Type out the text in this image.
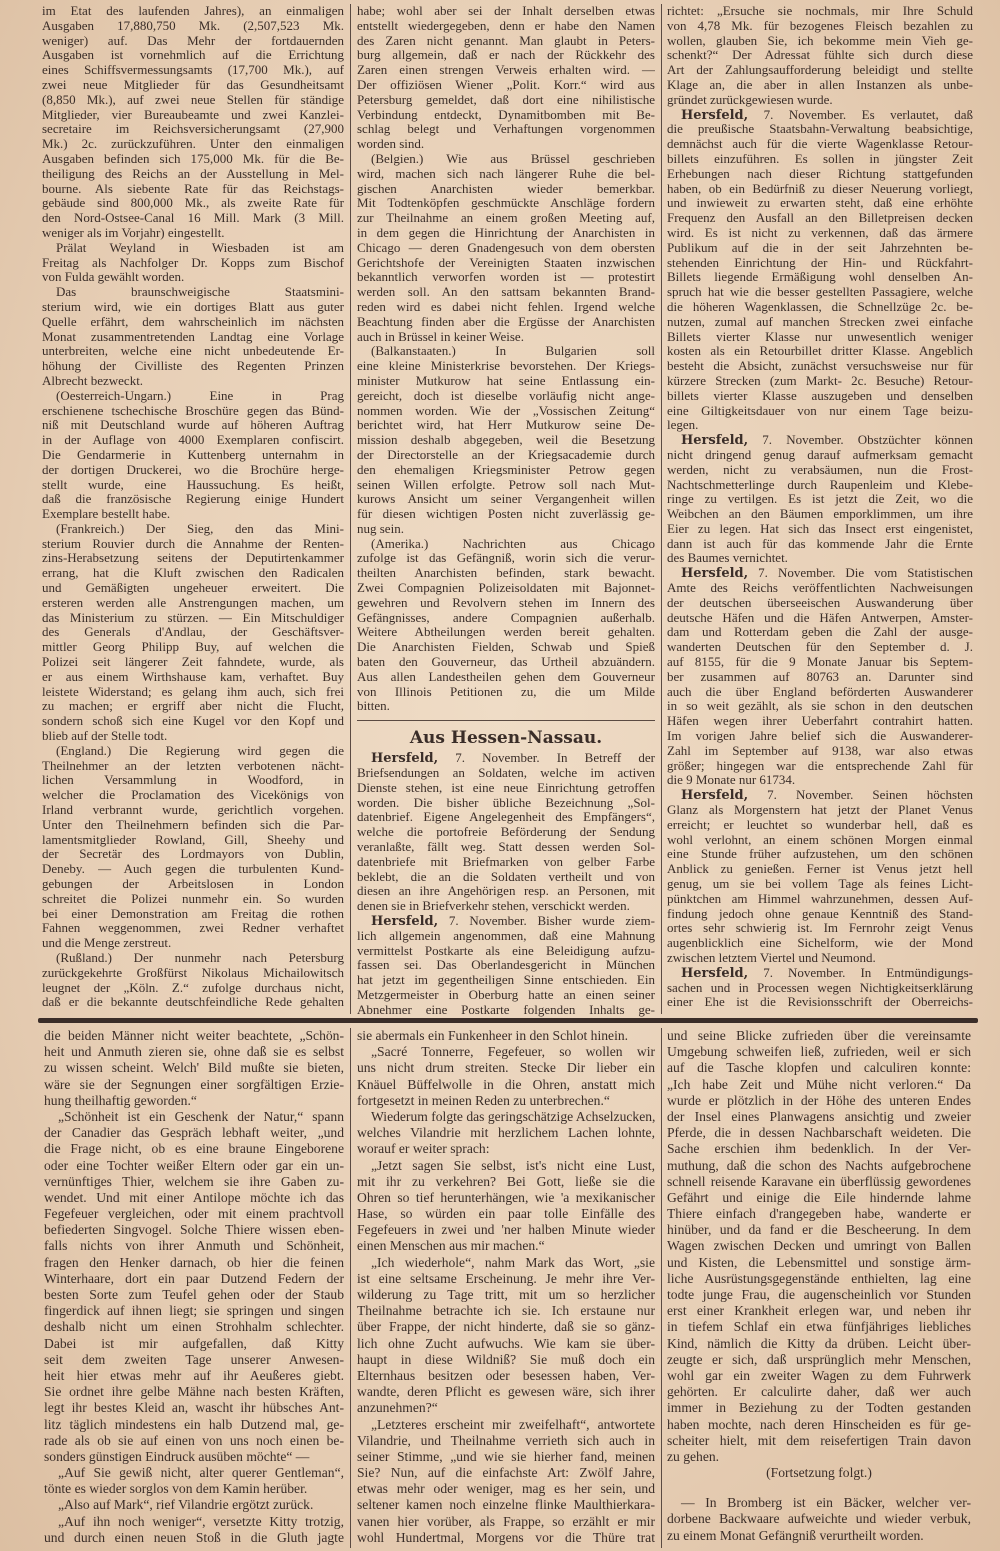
im Etat des laufenden Jahres), an einmaligen
Ausgaben 17,880,750 Mk. (2,507,523 Mk.
weniger) auf. Das Mehr der fortdauernden
Ausgaben ist vornehmlich auf die Errichtung
eines Schiffsvermessungsamts (17,700 Mk.), auf
zwei neue Mitglieder für das Gesundheitsamt
(8,850 Mk.), auf zwei neue Stellen für ständige
Mitglieder, vier Bureaubeamte und zwei Kanzlei-
secretaire im Reichsversicherungsamt (27,900
Mk.) 2c. zurückzuführen. Unter den einmaligen
Ausgaben befinden sich 175,000 Mk. für die Be-
theiligung des Reichs an der Ausstellung in Mel-
bourne. Als siebente Rate für das Reichstags-
gebäude sind 800,000 Mk., als zweite Rate für
den Nord-Ostsee-Canal 16 Mill. Mark (3 Mill.
weniger als im Vorjahr) eingestellt.
Prälat Weyland in Wiesbaden ist am
Freitag als Nachfolger Dr. Kopps zum Bischof
von Fulda gewählt worden.
Das braunschweigische Staatsmini-
sterium wird, wie ein dortiges Blatt aus guter
Quelle erfährt, dem wahrscheinlich im nächsten
Monat zusammentretenden Landtag eine Vorlage
unterbreiten, welche eine nicht unbedeutende Er-
höhung der Civilliste des Regenten Prinzen
Albrecht bezweckt.
(Oesterreich-Ungarn.) Eine in Prag
erschienene tschechische Broschüre gegen das Bünd-
niß mit Deutschland wurde auf höheren Auftrag
in der Auflage von 4000 Exemplaren confiscirt.
Die Gendarmerie in Kuttenberg unternahm in
der dortigen Druckerei, wo die Brochüre herge-
stellt wurde, eine Haussuchung. Es heißt,
daß die französische Regierung einige Hundert
Exemplare bestellt habe.
(Frankreich.) Der Sieg, den das Mini-
sterium Rouvier durch die Annahme der Renten-
zins-Herabsetzung seitens der Deputirtenkammer
errang, hat die Kluft zwischen den Radicalen
und Gemäßigten ungeheuer erweitert. Die
ersteren werden alle Anstrengungen machen, um
das Ministerium zu stürzen. — Ein Mitschuldiger
des Generals d'Andlau, der Geschäftsver-
mittler Georg Philipp Buy, auf welchen die
Polizei seit längerer Zeit fahndete, wurde, als
er aus einem Wirthshause kam, verhaftet. Buy
leistete Widerstand; es gelang ihm auch, sich frei
zu machen; er ergriff aber nicht die Flucht,
sondern schoß sich eine Kugel vor den Kopf und
blieb auf der Stelle todt.
(England.) Die Regierung wird gegen die
Theilnehmer an der letzten verbotenen nächt-
lichen Versammlung in Woodford, in
welcher die Proclamation des Vicekönigs von
Irland verbrannt wurde, gerichtlich vorgehen.
Unter den Theilnehmern befinden sich die Par-
lamentsmitglieder Rowland, Gill, Sheehy und
der Secretär des Lordmayors von Dublin,
Deneby. — Auch gegen die turbulenten Kund-
gebungen der Arbeitslosen in London
schreitet die Polizei nunmehr ein. So wurden
bei einer Demonstration am Freitag die rothen
Fahnen weggenommen, zwei Redner verhaftet
und die Menge zerstreut.
(Rußland.) Der nunmehr nach Petersburg
zurückgekehrte Großfürst Nikolaus Michailowitsch
leugnet der „Köln. Z.“ zufolge durchaus nicht,
daß er die bekannte deutschfeindliche Rede gehalten
habe; wohl aber sei der Inhalt derselben etwas
entstellt wiedergegeben, denn er habe den Namen
des Zaren nicht genannt. Man glaubt in Peters-
burg allgemein, daß er nach der Rückkehr des
Zaren einen strengen Verweis erhalten wird. —
Der offiziösen Wiener „Polit. Korr.“ wird aus
Petersburg gemeldet, daß dort eine nihilistische
Verbindung entdeckt, Dynamitbomben mit Be-
schlag belegt und Verhaftungen vorgenommen
worden sind.
(Belgien.) Wie aus Brüssel geschrieben
wird, machen sich nach längerer Ruhe die bel-
gischen Anarchisten wieder bemerkbar.
Mit Todtenköpfen geschmückte Anschläge fordern
zur Theilnahme an einem großen Meeting auf,
in dem gegen die Hinrichtung der Anarchisten in
Chicago — deren Gnadengesuch von dem obersten
Gerichtshofe der Vereinigten Staaten inzwischen
bekanntlich verworfen worden ist — protestirt
werden soll. An den sattsam bekannten Brand-
reden wird es dabei nicht fehlen. Irgend welche
Beachtung finden aber die Ergüsse der Anarchisten
auch in Brüssel in keiner Weise.
(Balkanstaaten.) In Bulgarien soll
eine kleine Ministerkrise bevorstehen. Der Kriegs-
minister Mutkurow hat seine Entlassung ein-
gereicht, doch ist dieselbe vorläufig nicht ange-
nommen worden. Wie der „Vossischen Zeitung“
berichtet wird, hat Herr Mutkurow seine De-
mission deshalb abgegeben, weil die Besetzung
der Directorstelle an der Kriegsacademie durch
den ehemaligen Kriegsminister Petrow gegen
seinen Willen erfolgte. Petrow soll nach Mut-
kurows Ansicht um seiner Vergangenheit willen
für diesen wichtigen Posten nicht zuverlässig ge-
nug sein.
(Amerika.) Nachrichten aus Chicago
zufolge ist das Gefängniß, worin sich die verur-
theilten Anarchisten befinden, stark bewacht.
Zwei Compagnien Polizeisoldaten mit Bajonnet-
gewehren und Revolvern stehen im Innern des
Gefängnisses, andere Compagnien außerhalb.
Weitere Abtheilungen werden bereit gehalten.
Die Anarchisten Fielden, Schwab und Spieß
baten den Gouverneur, das Urtheil abzuändern.
Aus allen Landestheilen gehen dem Gouverneur
von Illinois Petitionen zu, die um Milde
bitten.
Aus Hessen-Nassau.
Hersfeld, 7. November. In Betreff der
Briefsendungen an Soldaten, welche im activen
Dienste stehen, ist eine neue Einrichtung getroffen
worden. Die bisher übliche Bezeichnung „Sol-
datenbrief. Eigene Angelegenheit des Empfängers“,
welche die portofreie Beförderung der Sendung
veranlaßte, fällt weg. Statt dessen werden Sol-
datenbriefe mit Briefmarken von gelber Farbe
beklebt, die an die Soldaten vertheilt und von
diesen an ihre Angehörigen resp. an Personen, mit
denen sie in Briefverkehr stehen, verschickt werden.
Hersfeld, 7. November. Bisher wurde ziem-
lich allgemein angenommen, daß eine Mahnung
vermittelst Postkarte als eine Beleidigung aufzu-
fassen sei. Das Oberlandesgericht in München
hat jetzt im gegentheiligen Sinne entschieden. Ein
Metzgermeister in Oberburg hatte an einen seiner
Abnehmer eine Postkarte folgenden Inhalts ge-
richtet: „Ersuche sie nochmals, mir Ihre Schuld
von 4,78 Mk. für bezogenes Fleisch bezahlen zu
wollen, glauben Sie, ich bekomme mein Vieh ge-
schenkt?“ Der Adressat fühlte sich durch diese
Art der Zahlungsaufforderung beleidigt und stellte
Klage an, die aber in allen Instanzen als unbe-
gründet zurückgewiesen wurde.
Hersfeld, 7. November. Es verlautet, daß
die preußische Staatsbahn-Verwaltung beabsichtige,
demnächst auch für die vierte Wagenklasse Retour-
billets einzuführen. Es sollen in jüngster Zeit
Erhebungen nach dieser Richtung stattgefunden
haben, ob ein Bedürfniß zu dieser Neuerung vorliegt,
und inwieweit zu erwarten steht, daß eine erhöhte
Frequenz den Ausfall an den Billetpreisen decken
wird. Es ist nicht zu verkennen, daß das ärmere
Publikum auf die in der seit Jahrzehnten be-
stehenden Einrichtung der Hin- und Rückfahrt-
Billets liegende Ermäßigung wohl denselben An-
spruch hat wie die besser gestellten Passagiere, welche
die höheren Wagenklassen, die Schnellzüge 2c. be-
nutzen, zumal auf manchen Strecken zwei einfache
Billets vierter Klasse nur unwesentlich weniger
kosten als ein Retourbillet dritter Klasse. Angeblich
besteht die Absicht, zunächst versuchsweise nur für
kürzere Strecken (zum Markt- 2c. Besuche) Retour-
billets vierter Klasse auszugeben und denselben
eine Giltigkeitsdauer von nur einem Tage beizu-
legen.
Hersfeld, 7. November. Obstzüchter können
nicht dringend genug darauf aufmerksam gemacht
werden, nicht zu verabsäumen, nun die Frost-
Nachtschmetterlinge durch Raupenleim und Klebe-
ringe zu vertilgen. Es ist jetzt die Zeit, wo die
Weibchen an den Bäumen emporklimmen, um ihre
Eier zu legen. Hat sich das Insect erst eingenistet,
dann ist auch für das kommende Jahr die Ernte
des Baumes vernichtet.
Hersfeld, 7. November. Die vom Statistischen
Amte des Reichs veröffentlichten Nachweisungen
der deutschen überseeischen Auswanderung über
deutsche Häfen und die Häfen Antwerpen, Amster-
dam und Rotterdam geben die Zahl der ausge-
wanderten Deutschen für den September d. J.
auf 8155, für die 9 Monate Januar bis Septem-
ber zusammen auf 80763 an. Darunter sind
auch die über England beförderten Auswanderer
in so weit gezählt, als sie schon in den deutschen
Häfen wegen ihrer Ueberfahrt contrahirt hatten.
Im vorigen Jahre belief sich die Auswanderer-
Zahl im September auf 9138, war also etwas
größer; hingegen war die entsprechende Zahl für
die 9 Monate nur 61734.
Hersfeld, 7. November. Seinen höchsten
Glanz als Morgenstern hat jetzt der Planet Venus
erreicht; er leuchtet so wunderbar hell, daß es
wohl verlohnt, an einem schönen Morgen einmal
eine Stunde früher aufzustehen, um den schönen
Anblick zu genießen. Ferner ist Venus jetzt hell
genug, um sie bei vollem Tage als feines Licht-
pünktchen am Himmel wahrzunehmen, dessen Auf-
findung jedoch ohne genaue Kenntniß des Stand-
ortes sehr schwierig ist. Im Fernrohr zeigt Venus
augenblicklich eine Sichelform, wie der Mond
zwischen letztem Viertel und Neumond.
Hersfeld, 7. November. In Entmündigungs-
sachen und in Processen wegen Nichtigkeitserklärung
einer Ehe ist die Revisionsschrift der Oberreichs-
die beiden Männer nicht weiter beachtete, „Schön-
heit und Anmuth zieren sie, ohne daß sie es selbst
zu wissen scheint. Welch' Bild mußte sie bieten,
wäre sie der Segnungen einer sorgfältigen Erzie-
hung theilhaftig geworden.“
„Schönheit ist ein Geschenk der Natur,“ spann
der Canadier das Gespräch lebhaft weiter, „und
die Frage nicht, ob es eine braune Eingeborene
oder eine Tochter weißer Eltern oder gar ein un-
vernünftiges Thier, welchem sie ihre Gaben zu-
wendet. Und mit einer Antilope möchte ich das
Fegefeuer vergleichen, oder mit einem prachtvoll
befiederten Singvogel. Solche Thiere wissen eben-
falls nichts von ihrer Anmuth und Schönheit,
fragen den Henker darnach, ob hier die feinen
Winterhaare, dort ein paar Dutzend Federn der
besten Sorte zum Teufel gehen oder der Staub
fingerdick auf ihnen liegt; sie springen und singen
deshalb nicht um einen Strohhalm schlechter.
Dabei ist mir aufgefallen, daß Kitty
seit dem zweiten Tage unserer Anwesen-
heit hier etwas mehr auf ihr Aeußeres giebt.
Sie ordnet ihre gelbe Mähne nach besten Kräften,
legt ihr bestes Kleid an, wascht ihr hübsches Ant-
litz täglich mindestens ein halb Dutzend mal, ge-
rade als ob sie auf einen von uns noch einen be-
sonders günstigen Eindruck ausüben möchte“ —
„Auf Sie gewiß nicht, alter querer Gentleman“,
tönte es wieder sorglos von dem Kamin herüber.
„Also auf Mark“, rief Vilandrie ergötzt zurück.
„Auf ihn noch weniger“, versetzte Kitty trotzig,
und durch einen neuen Stoß in die Gluth jagte
sie abermals ein Funkenheer in den Schlot hinein.
„Sacré Tonnerre, Fegefeuer, so wollen wir
uns nicht drum streiten. Stecke Dir lieber ein
Knäuel Büffelwolle in die Ohren, anstatt mich
fortgesetzt in meinen Reden zu unterbrechen.“
Wiederum folgte das geringschätzige Achselzucken,
welches Vilandrie mit herzlichem Lachen lohnte,
worauf er weiter sprach:
„Jetzt sagen Sie selbst, ist's nicht eine Lust,
mit ihr zu verkehren? Bei Gott, ließe sie die
Ohren so tief herunterhängen, wie 'a mexikanischer
Hase, so würden ein paar tolle Einfälle des
Fegefeuers in zwei und 'ner halben Minute wieder
einen Menschen aus mir machen.“
„Ich wiederhole“, nahm Mark das Wort, „sie
ist eine seltsame Erscheinung. Je mehr ihre Ver-
wilderung zu Tage tritt, mit um so herzlicher
Theilnahme betrachte ich sie. Ich erstaune nur
über Frappe, der nicht hinderte, daß sie so gänz-
lich ohne Zucht aufwuchs. Wie kam sie über-
haupt in diese Wildniß? Sie muß doch ein
Elternhaus besitzen oder besessen haben, Ver-
wandte, deren Pflicht es gewesen wäre, sich ihrer
anzunehmen?“
„Letzteres erscheint mir zweifelhaft“, antwortete
Vilandrie, und Theilnahme verrieth sich auch in
seiner Stimme, „und wie sie hierher fand, meinen
Sie? Nun, auf die einfachste Art: Zwölf Jahre,
etwas mehr oder weniger, mag es her sein, und
seltener kamen noch einzelne flinke Maulthierkara-
vanen hier vorüber, als Frappe, so erzählt er mir
wohl Hundertmal, Morgens vor die Thüre trat
und seine Blicke zufrieden über die vereinsamte
Umgebung schweifen ließ, zufrieden, weil er sich
auf die Tasche klopfen und calculiren konnte:
„Ich habe Zeit und Mühe nicht verloren.“ Da
wurde er plötzlich in der Höhe des unteren Endes
der Insel eines Planwagens ansichtig und zweier
Pferde, die in dessen Nachbarschaft weideten. Die
Sache erschien ihm bedenklich. In der Ver-
muthung, daß die schon des Nachts aufgebrochene
schnell reisende Karavane ein überflüssig gewordenes
Gefährt und einige die Eile hindernde lahme
Thiere einfach d'rangegeben habe, wanderte er
hinüber, und da fand er die Bescheerung. In dem
Wagen zwischen Decken und umringt von Ballen
und Kisten, die Lebensmittel und sonstige ärm-
liche Ausrüstungsgegenstände enthielten, lag eine
todte junge Frau, die augenscheinlich vor Stunden
erst einer Krankheit erlegen war, und neben ihr
in tiefem Schlaf ein etwa fünfjähriges liebliches
Kind, nämlich die Kitty da drüben. Leicht über-
zeugte er sich, daß ursprünglich mehr Menschen,
wohl gar ein zweiter Wagen zu dem Fuhrwerk
gehörten. Er calculirte daher, daß wer auch
immer in Beziehung zu der Todten gestanden
haben mochte, nach deren Hinscheiden es für ge-
scheiter hielt, mit dem reisefertigen Train davon
zu gehen.
(Fortsetzung folgt.)
— In Bromberg ist ein Bäcker, welcher ver-
dorbene Backwaare aufweichte und wieder verbuk,
zu einem Monat Gefängniß verurtheilt worden.
